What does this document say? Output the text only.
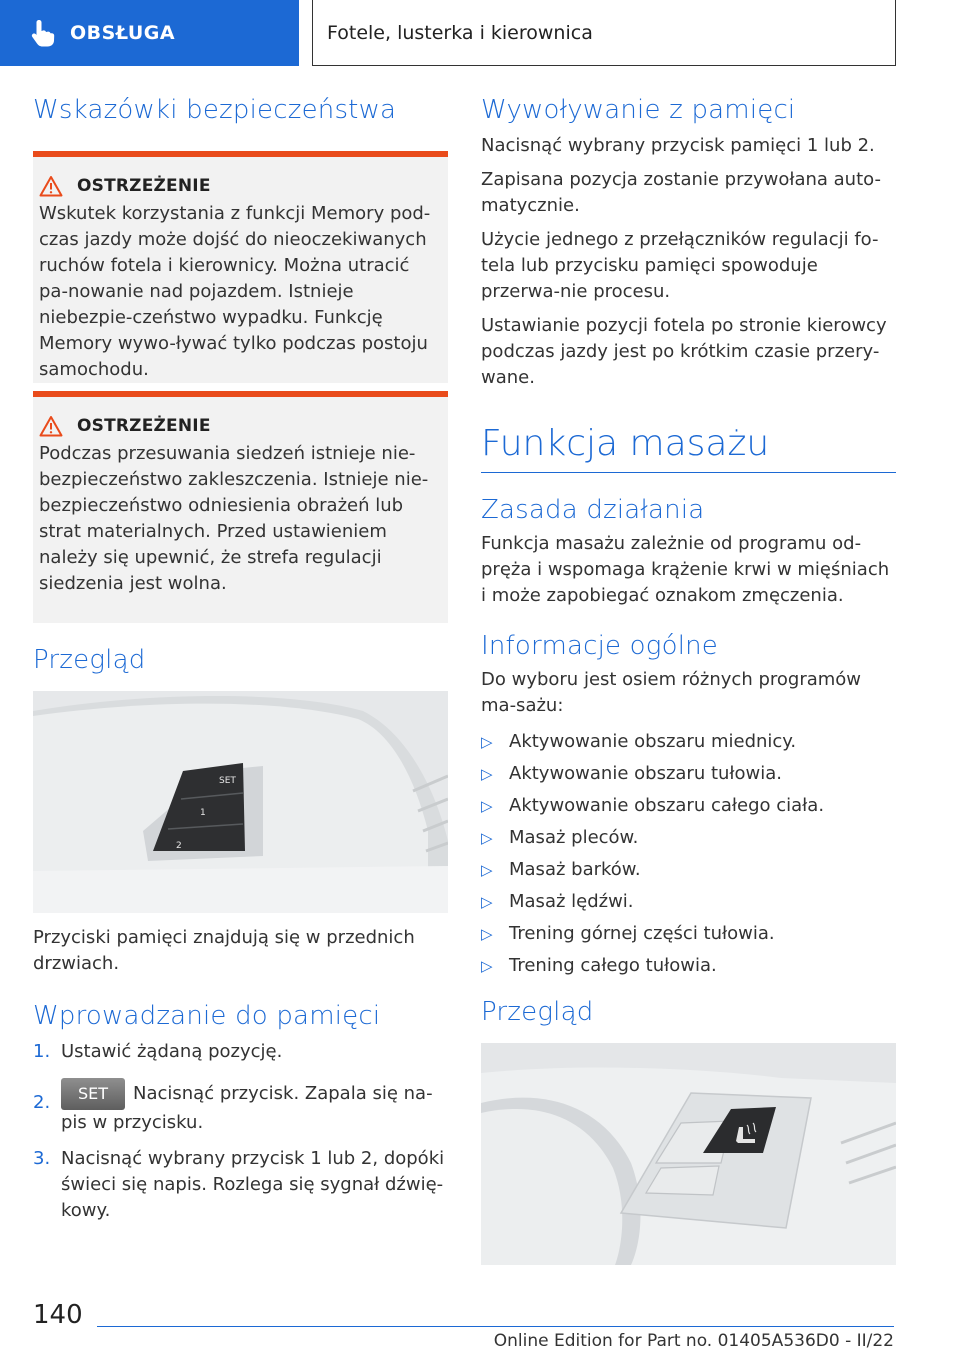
OBSŁUGA	Fotele, lusterka i kierownica
Wskazówki bezpieczeństwa
OSTRZEŻENIE

Wskutek korzystania z funkcji Memory pod-czas jazdy może dojść do nieoczekiwanych ruchów fotela i kierownicy. Można utracić pa-nowanie nad pojazdem. Istnieje niebezpie-czeństwo wypadku. Funkcję Memory wywo-ływać tylko podczas postoju samochodu.

OSTRZEŻENIE

Podczas przesuwania siedzeń istnieje nie-bezpieczeństwo zakleszczenia. Istnieje nie-bezpieczeństwo odniesienia obrażeń lub strat materialnych. Przed ustawieniem należy się upewnić, że strefa regulacji siedzenia jest wolna.

Przegląd
SET
1
2

Przyciski pamięci znajdują się w przednich drzwiach.

Wprowadzanie do pamięci
1. Ustawić żądaną pozycję.
2.	SET Nacisnąć przycisk. Zapala się na-pis w przycisku.
3. Nacisnąć wybrany przycisk 1 lub 2, dopóki świeci się napis. Rozlega się sygnał dźwię-kowy.
Wywoływanie z pamięci

Nacisnąć wybrany przycisk pamięci 1 lub 2.

Zapisana pozycja zostanie przywołana auto-matycznie.

Użycie jednego z przełączników regulacji fo-tela lub przycisku pamięci spowoduje przerwa-nie procesu.

Ustawianie pozycji fotela po stronie kierowcy podczas jazdy jest po krótkim czasie przery-wane.

Funkcja masażu
Zasada działania

Funkcja masażu zależnie od programu od-pręża i wspomaga krążenie krwi w mięśniach i może zapobiegać oznakom zmęczenia.

Informacje ogólne

Do wyboru jest osiem różnych programów ma-sażu:

▷ Aktywowanie obszaru miednicy.
▷ Aktywowanie obszaru tułowia.
▷ Aktywowanie obszaru całego ciała.
▷ Masaż pleców.
▷ Masaż barków.
▷ Masaż lędźwi.
▷ Trening górnej części tułowia.
▷ Trening całego tułowia.
Przegląd
140
Online Edition for Part no. 01405A536D0 - II/22
